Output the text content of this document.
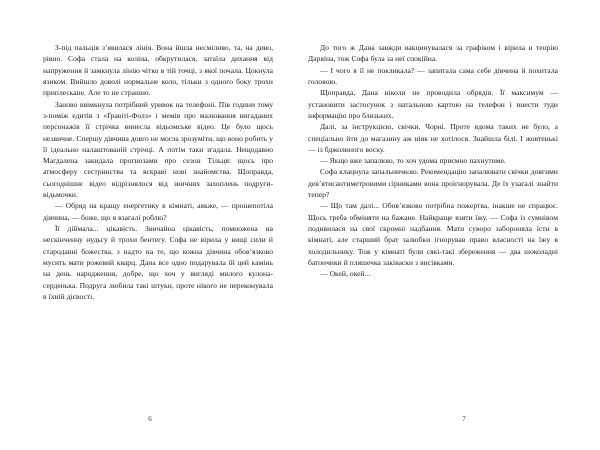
З-під пальців з’явилася лінія. Вона йшла несміливо, та, на диво, рівно. Софа стала на коліна, обкрутилася, затаїла дихання від напруження й замкнула лінію чітко в тій точці, з якої почала. Цокнула язиком. Вийшло доволі нормальне коло, тільки з одного боку трохи приплескане. Але то не страшно.

Заново ввімкнула потрібний уривок на телефоні. Пів години тому з-поміж едитів з «Ґравіті-Фолз» і мемів про малювання вигаданих персонажів її стрічка винесла відьомське відео. Це було щось незвичне. Спершу дівчина довго не могла зрозуміти, що воно робить у її ідеально налаштованій стрічці. А потім таки згадала. Нещодавно Магдалена закидала прогнозами про сезон Тільця: щось про атмосферу сестринства та яскраві нові знайомства. Щоправда, сьогоднішнє відео відрізнялося від звичних захоплень подруги-відьмочки.

— Обряд на кращу енергетику в кімнаті, аякже, — прошепотіла дівчина, — боже, що я взагалі роблю?

Її діймала... цікавість. Звичайна цікавість, помножена на нескінченну нудьгу й трохи бентегу. Софа не вірила у вищі сили й стародавні божества, з надто на те, що кожна дівчина обов’язково мусить мати рожевий кварц. Дана все одно подарувала їй цей камінь на день народження, добре, що хоч у вигляді милого кулона-серденька. Подруга любила такі штуки, проте нікого не переконувала в їхній дієвості.

6

До того ж Дана завжди вакцинувалася за графіком і вірила в теорію Дарвіна, тож Софа була за неї спокійна.

— І чого я її не покликала? — запитала сама себе дівчина й похитала головою.

Щоправда, Дана ніколи не проводила обрядів. Її максимум — установити застосунок з натальною картою на телефон і внести туди інформацію про близьких.

Далі, за інструкцією, свічки. Чорні. Проте вдома таких не було, а спеціально йти до магазину аж ніяк не хотілося. Знайшла білі. І жовтенькі — із бджолиного воску.

— Якщо вже запалюю, то хоч удома приємно пахнутиме.

Софа клацнула запальничкою. Рекомендацію запалювати свічки довгими дев’ятисантиметровими сірниками вона проігнорувала. Де їх узагалі знайти тепер?

— Що там далі... Обов’язково потрібна пожертва, інакше не спрацює. Щось треба обміняти на бажане. Найкраще взяти їжу. — Софа із сумнівом подивилася на свої скромні надбання. Мати суворо забороняла їсти в кімнаті, але старший брат залюбки ігнорував право власності на їжу в холодильнику. Тож у кімнаті були сякі-такі збереження — два шоколадні батончики й пляшечка заківаски з висівками.

— Окей, окей...

7
